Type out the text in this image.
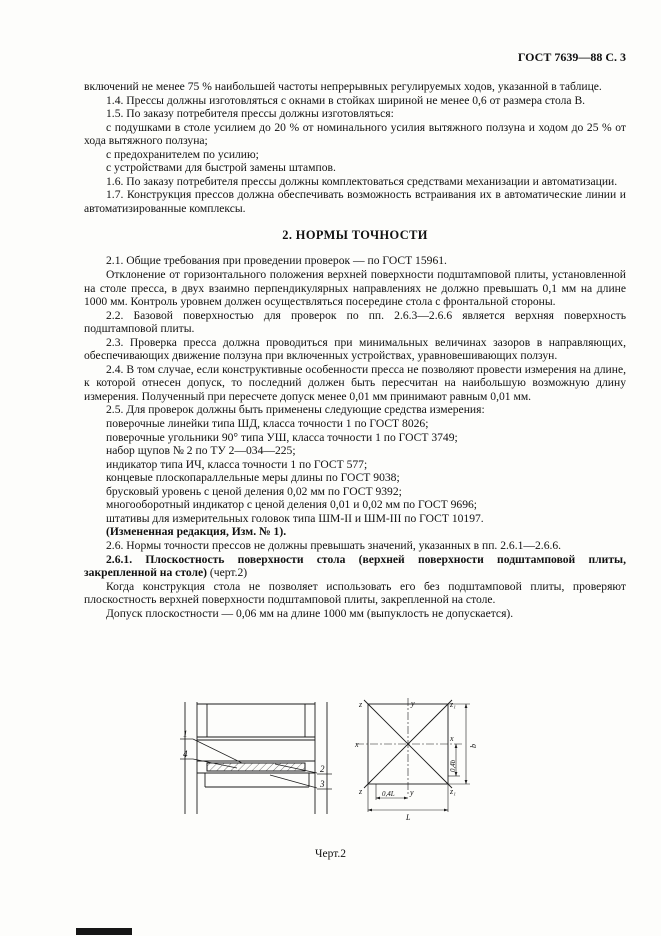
ГОСТ 7639—88 С. 3

включений не менее 75 % наибольшей частоты непрерывных регулируемых ходов, указанной в таблице.

1.4. Прессы должны изготовляться с окнами в стойках шириной не менее 0,6 от размера стола В.

1.5. По заказу потребителя прессы должны изготовляться:

с подушками в столе усилием до 20 % от номинального усилия вытяжного ползуна и ходом до 25 % от хода вытяжного ползуна;

с предохранителем по усилию;

с устройствами для быстрой замены штампов.

1.6. По заказу потребителя прессы должны комплектоваться средствами механизации и автоматизации.

1.7. Конструкция прессов должна обеспечивать возможность встраивания их в автоматические линии и автоматизированные комплексы.

2. НОРМЫ ТОЧНОСТИ

2.1. Общие требования при проведении проверок — по ГОСТ 15961.

Отклонение от горизонтального положения верхней поверхности подштамповой плиты, установленной на столе пресса, в двух взаимно перпендикулярных направлениях не должно превышать 0,1 мм на длине 1000 мм. Контроль уровнем должен осуществляться посередине стола с фронтальной стороны.

2.2. Базовой поверхностью для проверок по пп. 2.6.3—2.6.6 является верхняя поверхность подштамповой плиты.

2.3. Проверка пресса должна проводиться при минимальных величинах зазоров в направляющих, обеспечивающих движение ползуна при включенных устройствах, уравновешивающих ползун.

2.4. В том случае, если конструктивные особенности пресса не позволяют провести измерения на длине, к которой отнесен допуск, то последний должен быть пересчитан на наибольшую возможную длину измерения. Полученный при пересчете допуск менее 0,01 мм принимают равным 0,01 мм.

2.5. Для проверок должны быть применены следующие средства измерения:

поверочные линейки типа ШД, класса точности 1 по ГОСТ 8026;

поверочные угольники 90° типа УШ, класса точности 1 по ГОСТ 3749;

набор щупов № 2 по ТУ 2—034—225;

индикатор типа ИЧ, класса точности 1 по ГОСТ 577;

концевые плоскопараллельные меры длины по ГОСТ 9038;

брусковый уровень с ценой деления 0,02 мм по ГОСТ 9392;

многооборотный индикатор с ценой деления 0,01 и 0,02 мм по ГОСТ 9696;

штативы для измерительных головок типа ШМ-II и ШМ-III по ГОСТ 10197.

(Измененная редакция, Изм. № 1).

2.6. Нормы точности прессов не должны превышать значений, указанных в пп. 2.6.1—2.6.6.

2.6.1. Плоскостность поверхности стола (верхней поверхности подштамповой плиты, закрепленной на столе) (черт.2)

Когда конструкция стола не позволяет использовать его без подштамповой плиты, проверяют плоскостность верхней поверхности подштамповой плиты, закрепленной на столе.

Допуск плоскостности — 0,06 мм на длине 1000 мм (выпуклость не допускается).

1
4
2
3
z	y	z₁
x
x
z	y	z₁
L
0,4L
0,4b
b
Черт.2
